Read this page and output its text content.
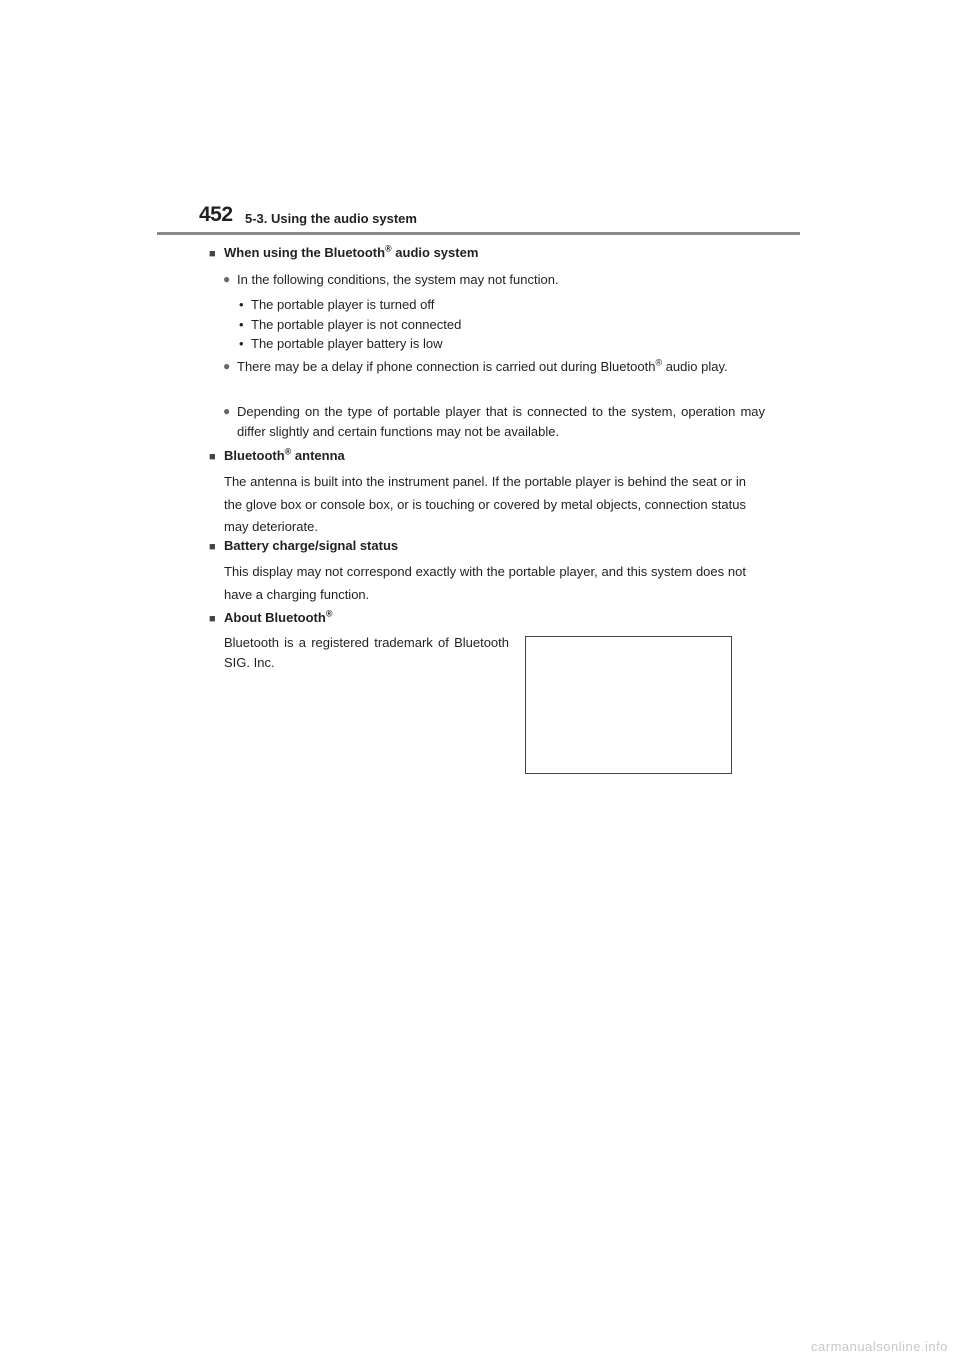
452 5-3. Using the audio system
■ When using the Bluetooth® audio system
● In the following conditions, the system may not function.
• The portable player is turned off
• The portable player is not connected
• The portable player battery is low
● There may be a delay if phone connection is carried out during Bluetooth® audio play.
● Depending on the type of portable player that is connected to the system, operation may differ slightly and certain functions may not be available.
■ Bluetooth® antenna
The antenna is built into the instrument panel. If the portable player is behind the seat or in the glove box or console box, or is touching or covered by metal objects, connection status may deteriorate.
■ Battery charge/signal status
This display may not correspond exactly with the portable player, and this system does not have a charging function.
■ About Bluetooth®
Bluetooth is a registered trademark of Bluetooth SIG. Inc.
carmanualsonline.info
